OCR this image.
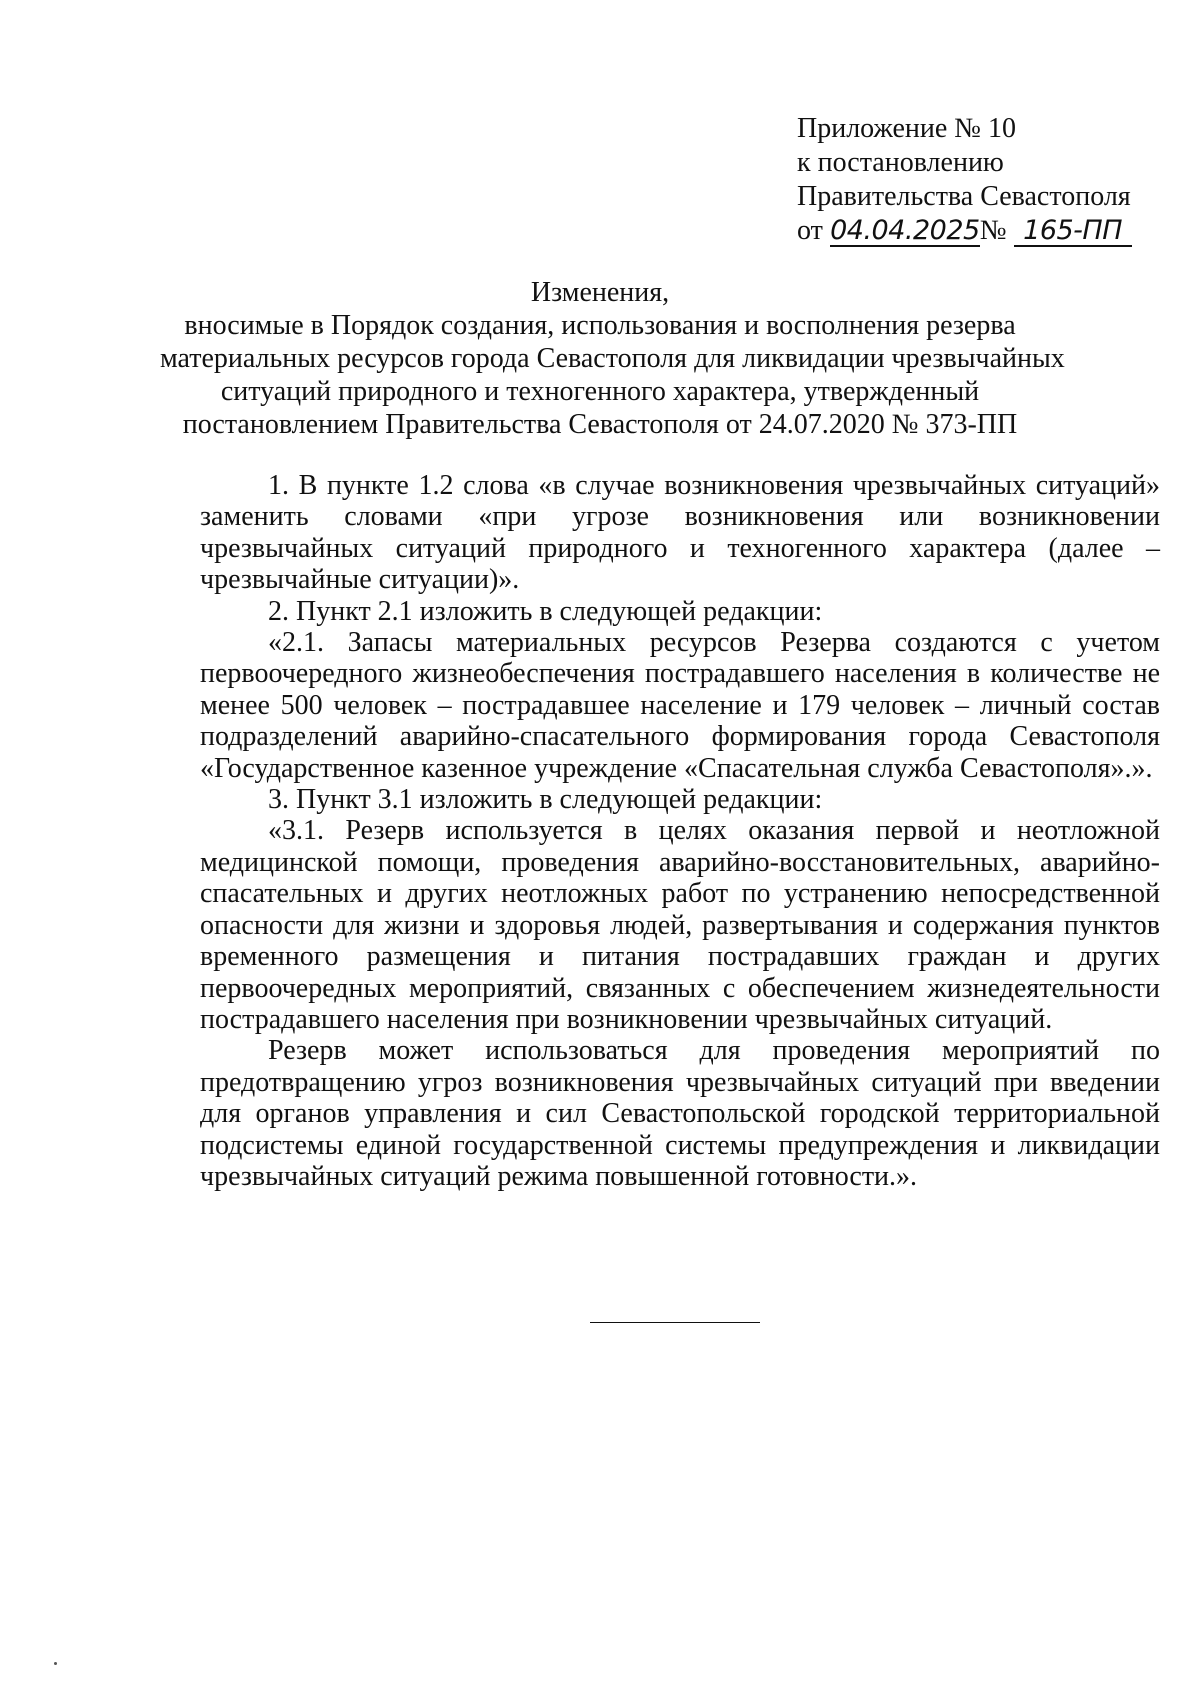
Приложение № 10
к постановлению
Правительства Севастополя
от 04.04.2025№ 165-ПП
Изменения,
вносимые в Порядок создания, использования и восполнения резерва
материальных ресурсов города Севастополя для ликвидации чрезвычайных
ситуаций природного и техногенного характера, утвержденный
постановлением Правительства Севастополя от 24.07.2020 № 373-ПП

1. В пункте 1.2 слова «в случае возникновения чрезвычайных ситуаций» заменить словами «при угрозе возникновения или возникновении чрезвычайных ситуаций природного и техногенного характера (далее – чрезвычайные ситуации)».

2. Пункт 2.1 изложить в следующей редакции:

«2.1. Запасы материальных ресурсов Резерва создаются с учетом первоочередного жизнеобеспечения пострадавшего населения в количестве не менее 500 человек – пострадавшее население и 179 человек – личный состав подразделений аварийно-спасательного формирования города Севастополя «Государственное казенное учреждение «Спасательная служба Севастополя».».

3. Пункт 3.1 изложить в следующей редакции:

«3.1. Резерв используется в целях оказания первой и неотложной медицинской помощи, проведения аварийно-восстановительных, аварийно-спасательных и других неотложных работ по устранению непосредственной опасности для жизни и здоровья людей, развертывания и содержания пунктов временного размещения и питания пострадавших граждан и других первоочередных мероприятий, связанных с обеспечением жизнедеятельности пострадавшего населения при возникновении чрезвычайных ситуаций.

Резерв может использоваться для проведения мероприятий по предотвращению угроз возникновения чрезвычайных ситуаций при введении для органов управления и сил Севастопольской городской территориальной подсистемы единой государственной системы предупреждения и ликвидации чрезвычайных ситуаций режима повышенной готовности.».
